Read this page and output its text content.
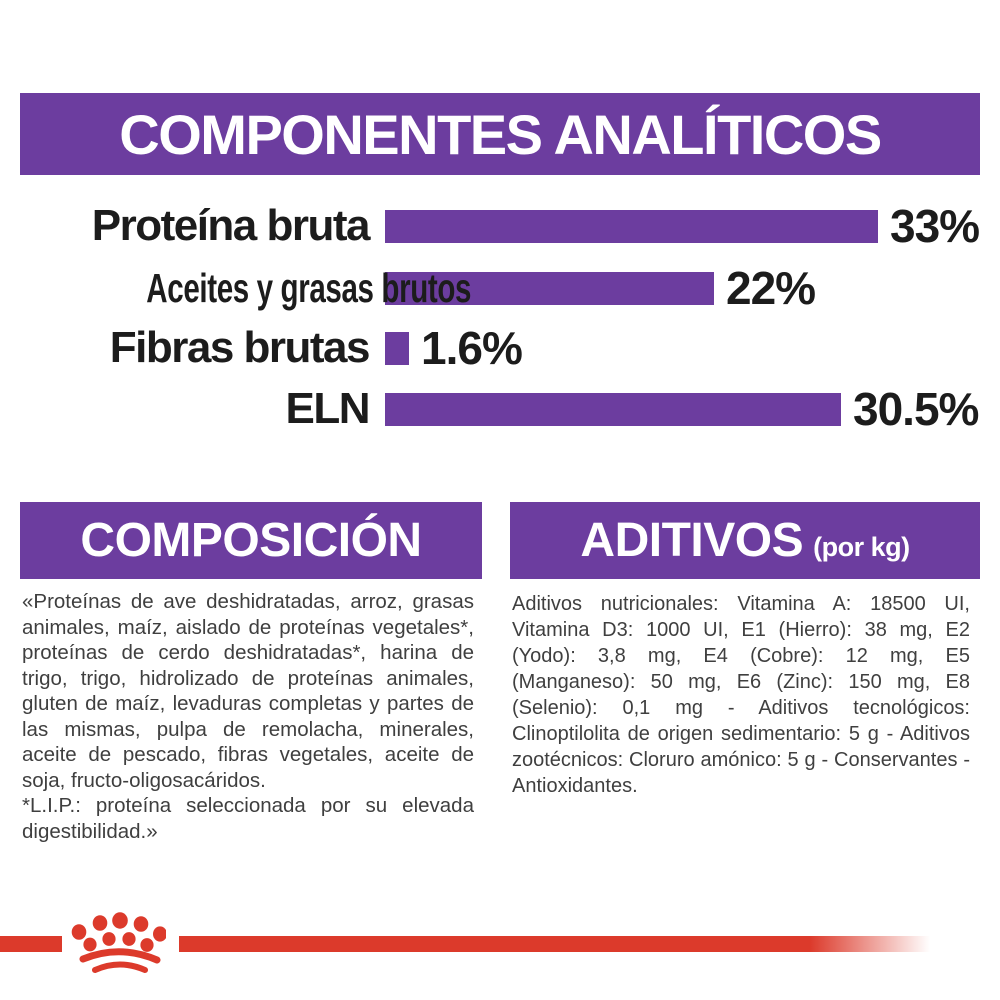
COMPONENTES ANALÍTICOS
Proteína bruta	33%
Aceites y grasas brutos	22%
Fibras brutas 1.6%
ELN	30.5%
COMPOSICIÓN	ADITIVOS (por kg)

«Proteínas de ave deshidratadas, arroz, grasas animales, maíz, aislado de proteínas vegetales*, proteínas de cerdo deshidratadas*, harina de trigo, trigo, hidrolizado de proteínas animales, gluten de maíz, levaduras completas y partes de las mismas, pulpa de remolacha, minerales, aceite de pescado, fibras vegetales, aceite de soja, fructo-oligosacáridos.

*L.I.P.: proteína seleccionada por su elevada digestibilidad.»

Aditivos nutricionales: Vitamina A: 18500 UI, Vitamina D3: 1000 UI, E1 (Hierro): 38 mg, E2 (Yodo): 3,8 mg, E4 (Cobre): 12 mg, E5 (Manganeso): 50 mg, E6 (Zinc): 150 mg, E8 (Selenio): 0,1 mg - Aditivos tecnológicos: Clinoptilolita de origen sedimentario: 5 g - Aditivos zootécnicos: Cloruro amónico: 5 g - Conservantes - Antioxidantes.
